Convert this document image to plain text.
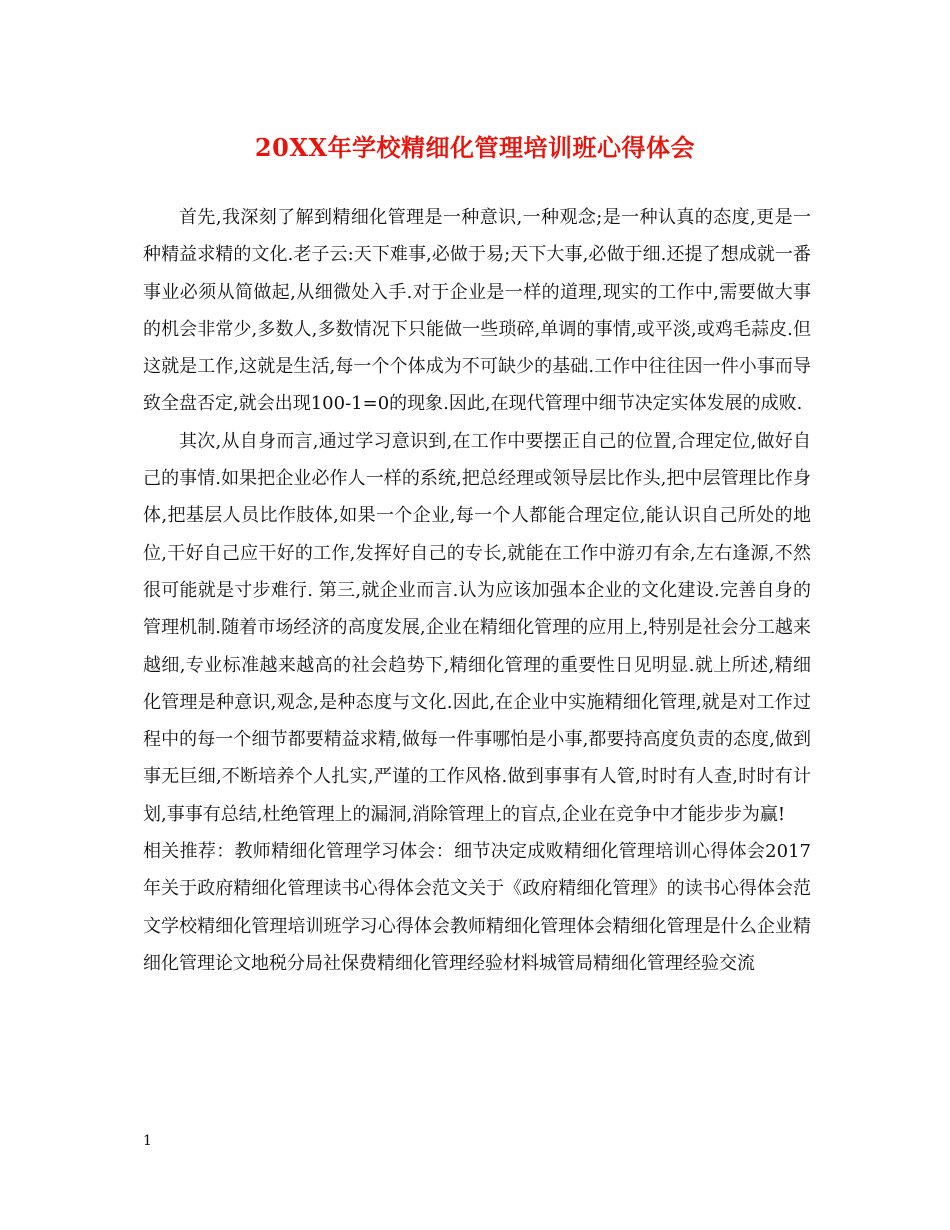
20XX年学校精细化管理培训班心得体会

首先,我深刻了解到精细化管理是一种意识,一种观念;是一种认真的态度,更是一种精益求精的文化.老子云:天下难事,必做于易;天下大事,必做于细.还提了想成就一番事业必须从简做起,从细微处入手.对于企业是一样的道理,现实的工作中,需要做大事的机会非常少,多数人,多数情况下只能做一些琐碎,单调的事情,或平淡,或鸡毛蒜皮.但这就是工作,这就是生活,每一个个体成为不可缺少的基础.工作中往往因一件小事而导致全盘否定,就会出现100-1=0的现象.因此,在现代管理中细节决定实体发展的成败.

其次,从自身而言,通过学习意识到,在工作中要摆正自己的位置,合理定位,做好自己的事情.如果把企业必作人一样的系统,把总经理或领导层比作头,把中层管理比作身体,把基层人员比作肢体,如果一个企业,每一个人都能合理定位,能认识自己所处的地位,干好自己应干好的工作,发挥好自己的专长,就能在工作中游刃有余,左右逢源,不然很可能就是寸步难行. 第三,就企业而言.认为应该加强本企业的文化建设.完善自身的管理机制.随着市场经济的高度发展,企业在精细化管理的应用上,特别是社会分工越来越细,专业标准越来越高的社会趋势下,精细化管理的重要性日见明显.就上所述,精细化管理是种意识,观念,是种态度与文化.因此,在企业中实施精细化管理,就是对工作过程中的每一个细节都要精益求精,做每一件事哪怕是小事,都要持高度负责的态度,做到事无巨细,不断培养个人扎实,严谨的工作风格.做到事事有人管,时时有人查,时时有计划,事事有总结,杜绝管理上的漏洞,消除管理上的盲点,企业在竞争中才能步步为赢!

相关推荐：教师精细化管理学习体会：细节决定成败精细化管理培训心得体会2017年关于政府精细化管理读书心得体会范文关于《政府精细化管理》的读书心得体会范文学校精细化管理培训班学习心得体会教师精细化管理体会精细化管理是什么企业精细化管理论文地税分局社保费精细化管理经验材料城管局精细化管理经验交流

1
